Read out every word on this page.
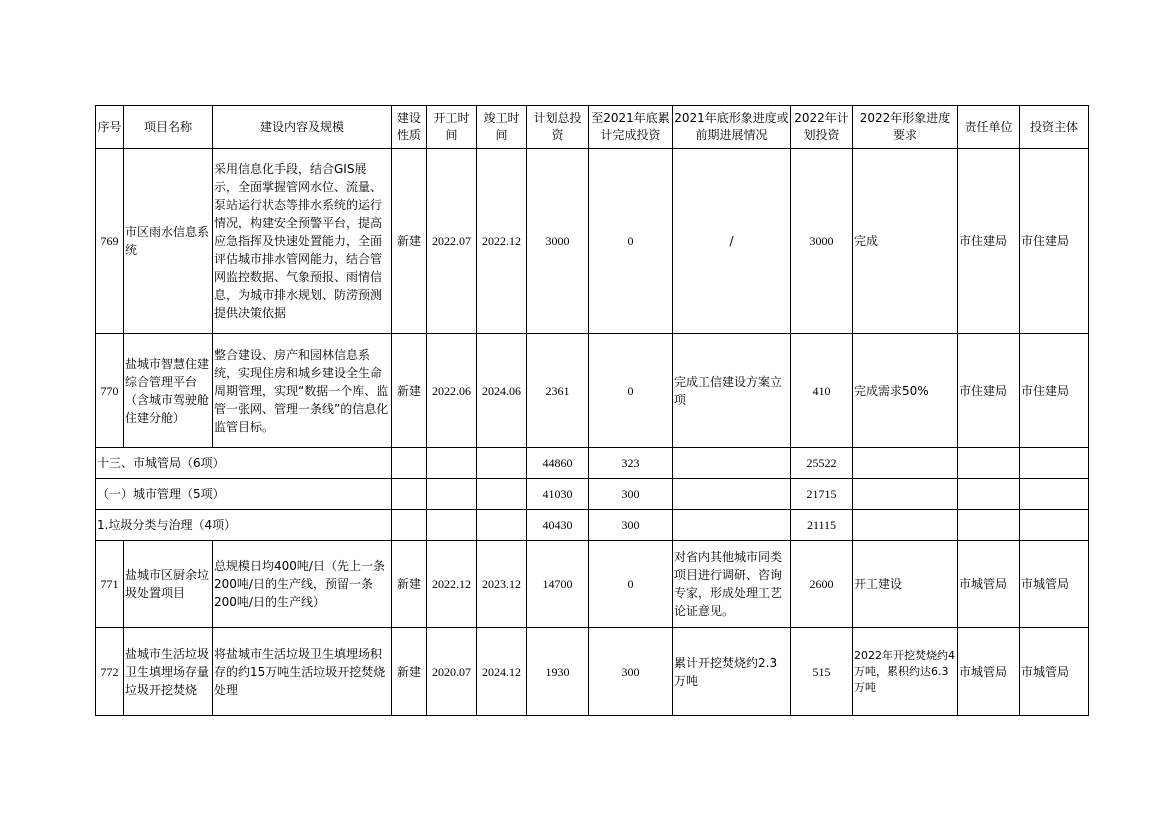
序号	项目名称	建设内容及规模	建设性质	开工时间	竣工时间	计划总投资	至2021年底累计完成投资	2021年底形象进度或前期进展情况	2022年计划投资	2022年形象进度要求	责任单位	投资主体
769	市区雨水信息系统	采用信息化手段，结合GIS展示，全面掌握管网水位、流量、泵站运行状态等排水系统的运行情况，构建安全预警平台，提高应急指挥及快速处置能力，全面评估城市排水管网能力，结合管网监控数据、气象预报、雨情信息，为城市排水规划、防涝预测提供决策依据	新建	2022.07	2022.12	3000	0	/	3000	完成	市住建局	市住建局
770	盐城市智慧住建综合管理平台（含城市驾驶舱住建分舱）	整合建设、房产和园林信息系统，实现住房和城乡建设全生命周期管理，实现“数据一个库、监管一张网、管理一条线”的信息化监管目标。	新建	2022.06	2024.06	2361	0	完成工信建设方案立项	410	完成需求50%	市住建局	市住建局
十三、市城管局（6项）						44860	323		25522			
（一）城市管理（5项）						41030	300		21715			
1.垃圾分类与治理（4项）						40430	300		21115			
771	盐城市区厨余垃圾处置项目	总规模日均400吨/日（先上一条200吨/日的生产线，预留一条200吨/日的生产线）	新建	2022.12	2023.12	14700	0	对省内其他城市同类项目进行调研、咨询专家，形成处理工艺论证意见。	2600	开工建设	市城管局	市城管局
772	盐城市生活垃圾卫生填埋场存量垃圾开挖焚烧	将盐城市生活垃圾卫生填埋场积存的约15万吨生活垃圾开挖焚烧处理	新建	2020.07	2024.12	1930	300	累计开挖焚烧约2.3万吨	515	2022年开挖焚烧约4万吨，累积约达6.3万吨	市城管局	市城管局
